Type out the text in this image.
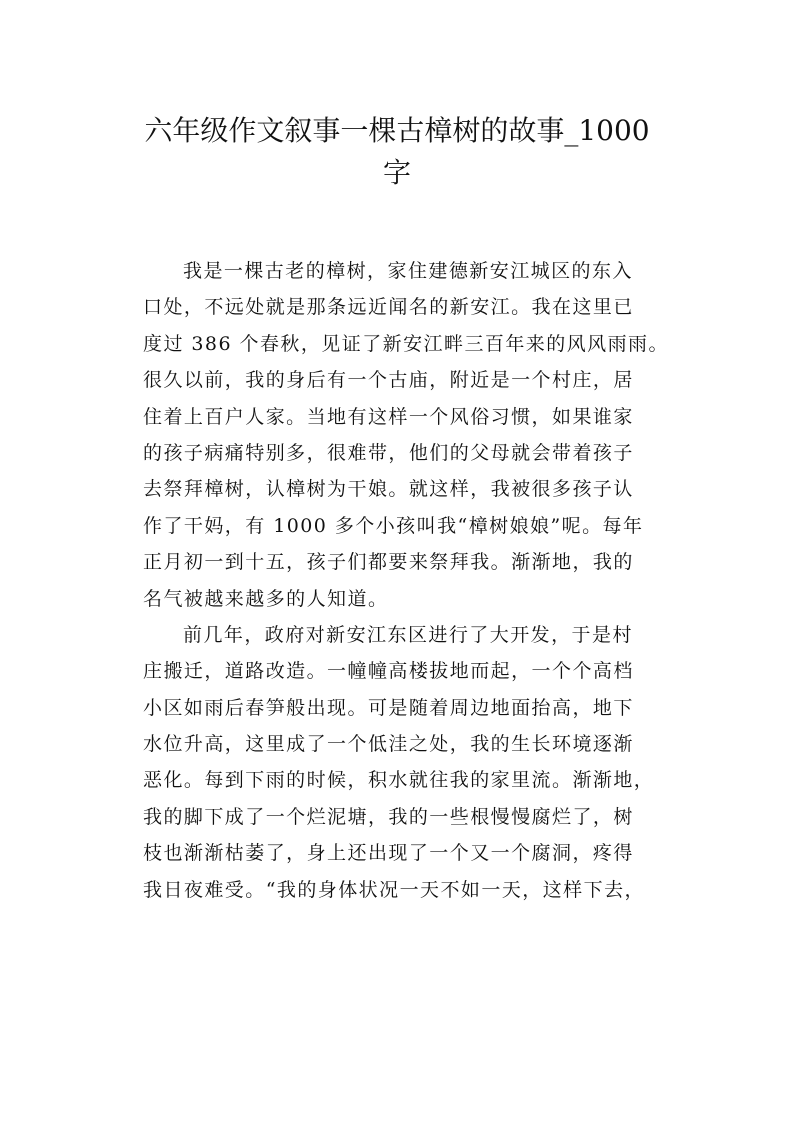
六年级作文叙事一棵古樟树的故事_1000
字
我是一棵古老的樟树，家住建德新安江城区的东入
口处，不远处就是那条远近闻名的新安江。我在这里已
度过 386 个春秋，见证了新安江畔三百年来的风风雨雨。
很久以前，我的身后有一个古庙，附近是一个村庄，居
住着上百户人家。当地有这样一个风俗习惯，如果谁家
的孩子病痛特别多，很难带，他们的父母就会带着孩子
去祭拜樟树，认樟树为干娘。就这样，我被很多孩子认
作了干妈，有 1000 多个小孩叫我“樟树娘娘”呢。每年
正月初一到十五，孩子们都要来祭拜我。渐渐地，我的
名气被越来越多的人知道。
前几年，政府对新安江东区进行了大开发，于是村
庄搬迁，道路改造。一幢幢高楼拔地而起，一个个高档
小区如雨后春笋般出现。可是随着周边地面抬高，地下
水位升高，这里成了一个低洼之处，我的生长环境逐渐
恶化。每到下雨的时候，积水就往我的家里流。渐渐地，
我的脚下成了一个烂泥塘，我的一些根慢慢腐烂了，树
枝也渐渐枯萎了，身上还出现了一个又一个腐洞，疼得
我日夜难受。“我的身体状况一天不如一天，这样下去，
